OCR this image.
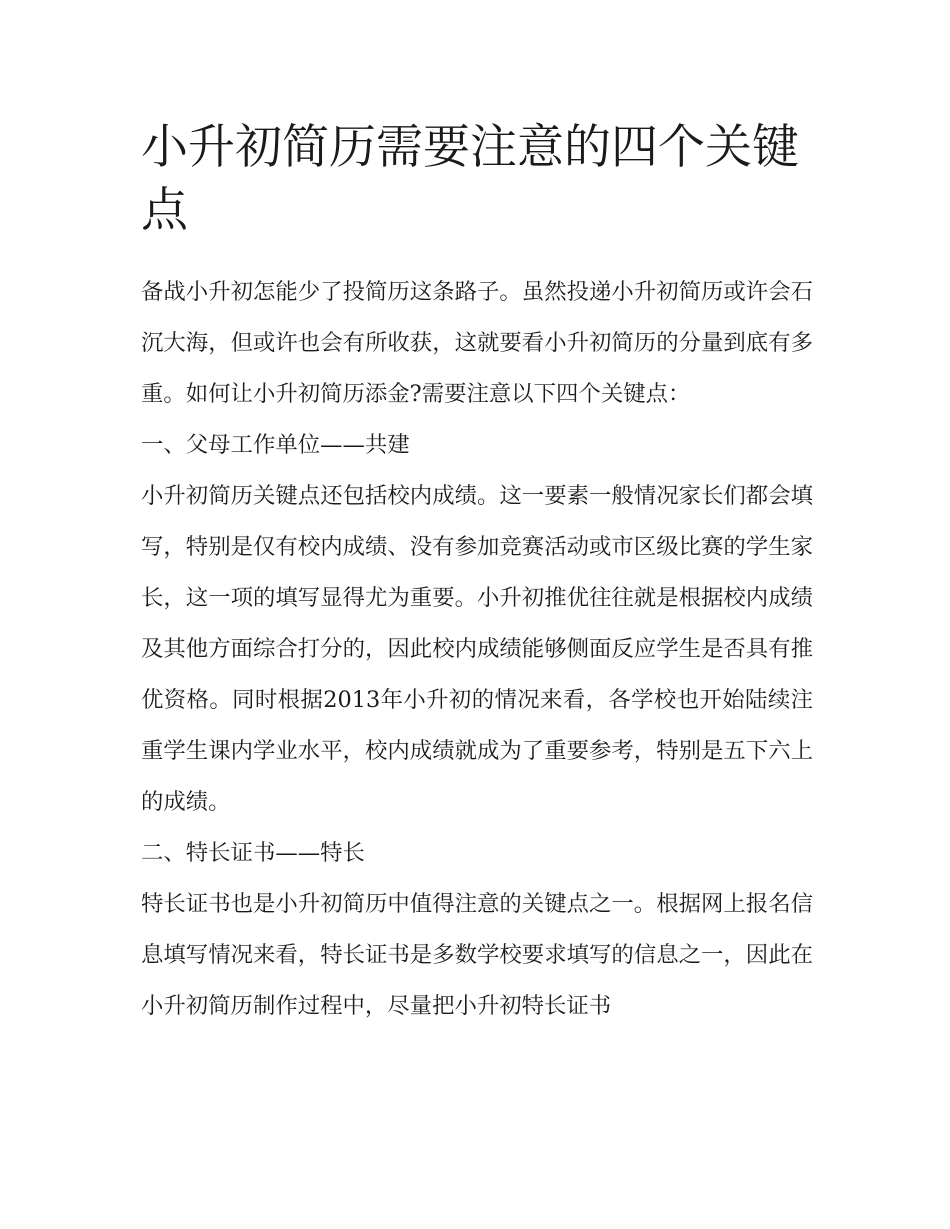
小升初简历需要注意的四个关键点

备战小升初怎能少了投简历这条路子。虽然投递小升初简历或许会石沉大海，但或许也会有所收获，这就要看小升初简历的分量到底有多重。如何让小升初简历添金?需要注意以下四个关键点：

一、父母工作单位——共建

小升初简历关键点还包括校内成绩。这一要素一般情况家长们都会填写，特别是仅有校内成绩、没有参加竞赛活动或市区级比赛的学生家长，这一项的填写显得尤为重要。小升初推优往往就是根据校内成绩及其他方面综合打分的，因此校内成绩能够侧面反应学生是否具有推优资格。同时根据2013年小升初的情况来看，各学校也开始陆续注重学生课内学业水平，校内成绩就成为了重要参考，特别是五下六上的成绩。

二、特长证书——特长

特长证书也是小升初简历中值得注意的关键点之一。根据网上报名信息填写情况来看，特长证书是多数学校要求填写的信息之一，因此在小升初简历制作过程中，尽量把小升初特长证书
